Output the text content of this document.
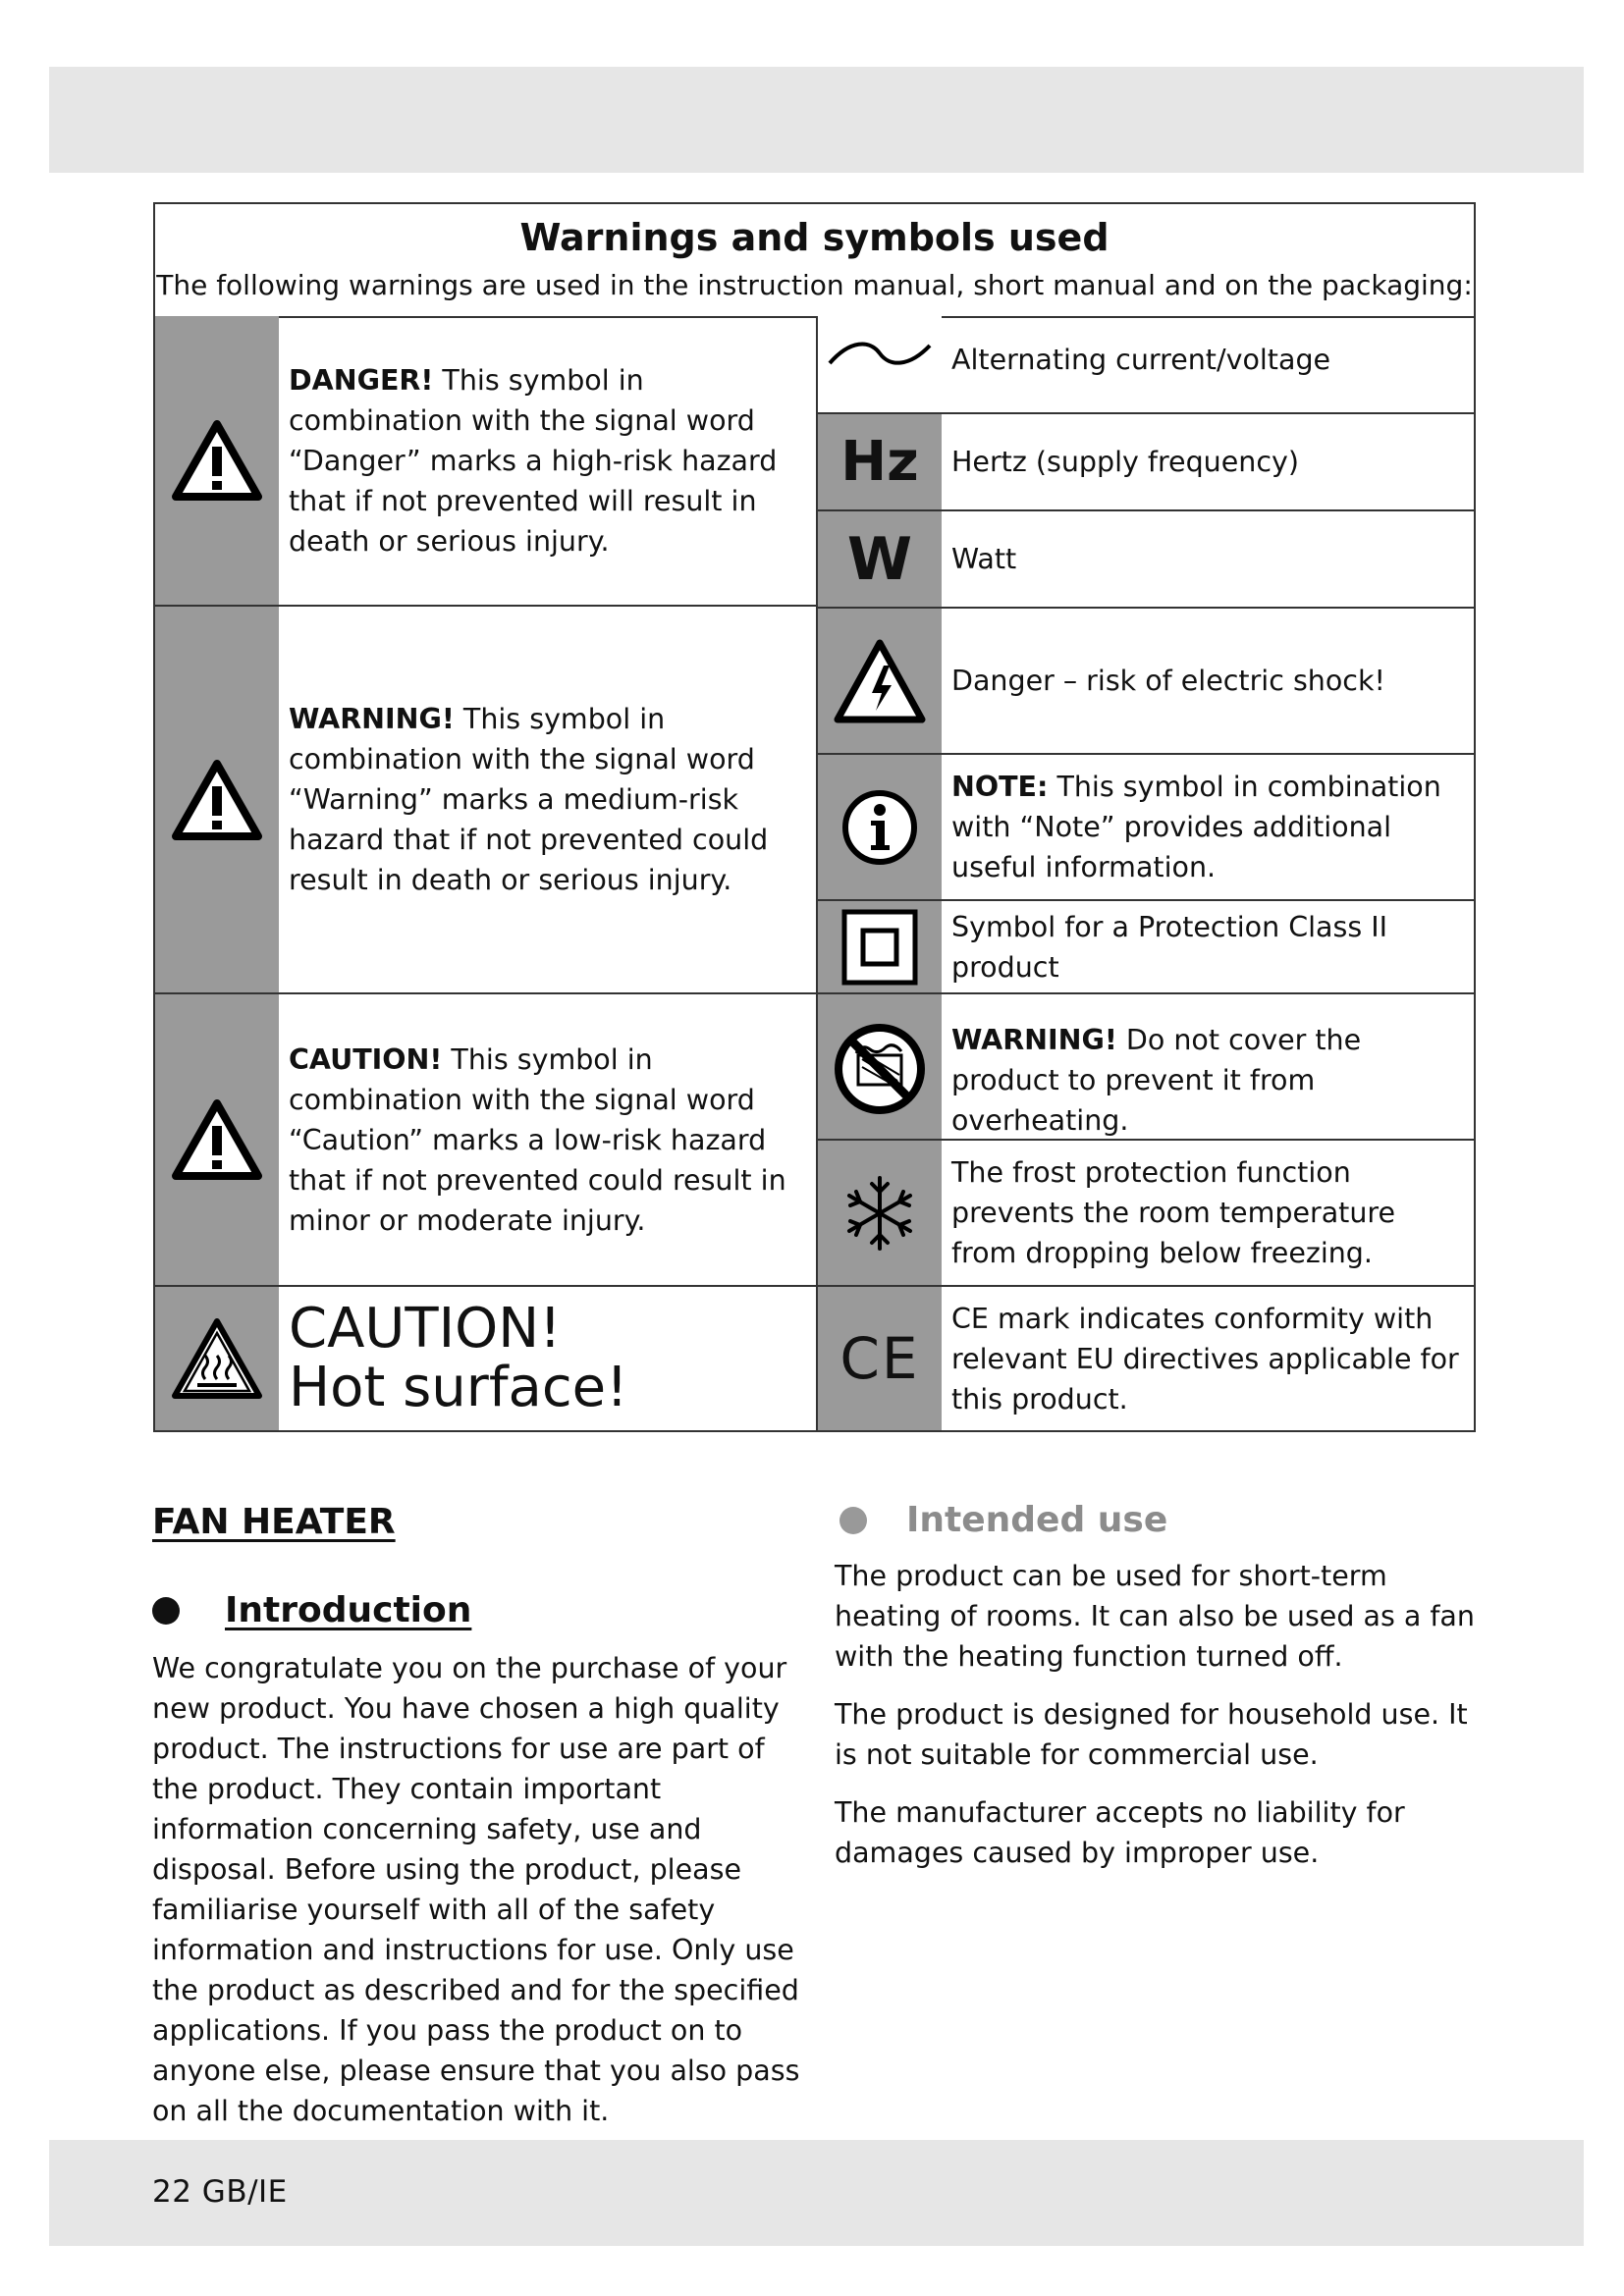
Warnings and symbols used
The following warnings are used in the instruction manual, short manual and on the packaging:
DANGER! This symbol in combination with the signal word “Danger” marks a high-risk hazard that if not prevented will result in death or serious injury.
WARNING! This symbol in combination with the signal word “Warning” marks a medium-risk hazard that if not prevented could result in death or serious injury.
CAUTION! This symbol in combination with the signal word “Caution” marks a low-risk hazard that if not prevented could result in minor or moderate injury.
CAUTION!
Hot surface!
Alternating current/voltage
Hz Hertz (supply frequency)
W Watt
Danger – risk of electric shock!
NOTE: This symbol in combination with “Note” provides additional useful information.
Symbol for a Protection Class II product
WARNING! Do not cover the product to prevent it from overheating.
The frost protection function prevents the room temperature from dropping below freezing.
CE
CE mark indicates conformity with relevant EU directives applicable for this product.
FAN HEATER
Introduction
We congratulate you on the purchase of your new product. You have chosen a high quality product. The instructions for use are part of the product. They contain important information concerning safety, use and disposal. Before using the product, please familiarise yourself with all of the safety information and instructions for use. Only use the product as described and for the specified applications. If you pass the product on to anyone else, please ensure that you also pass on all the documentation with it.
Intended use

The product can be used for short-term heating of rooms. It can also be used as a fan with the heating function turned off.

The product is designed for household use. It is not suitable for commercial use.

The manufacturer accepts no liability for damages caused by improper use.

22 GB/IE
